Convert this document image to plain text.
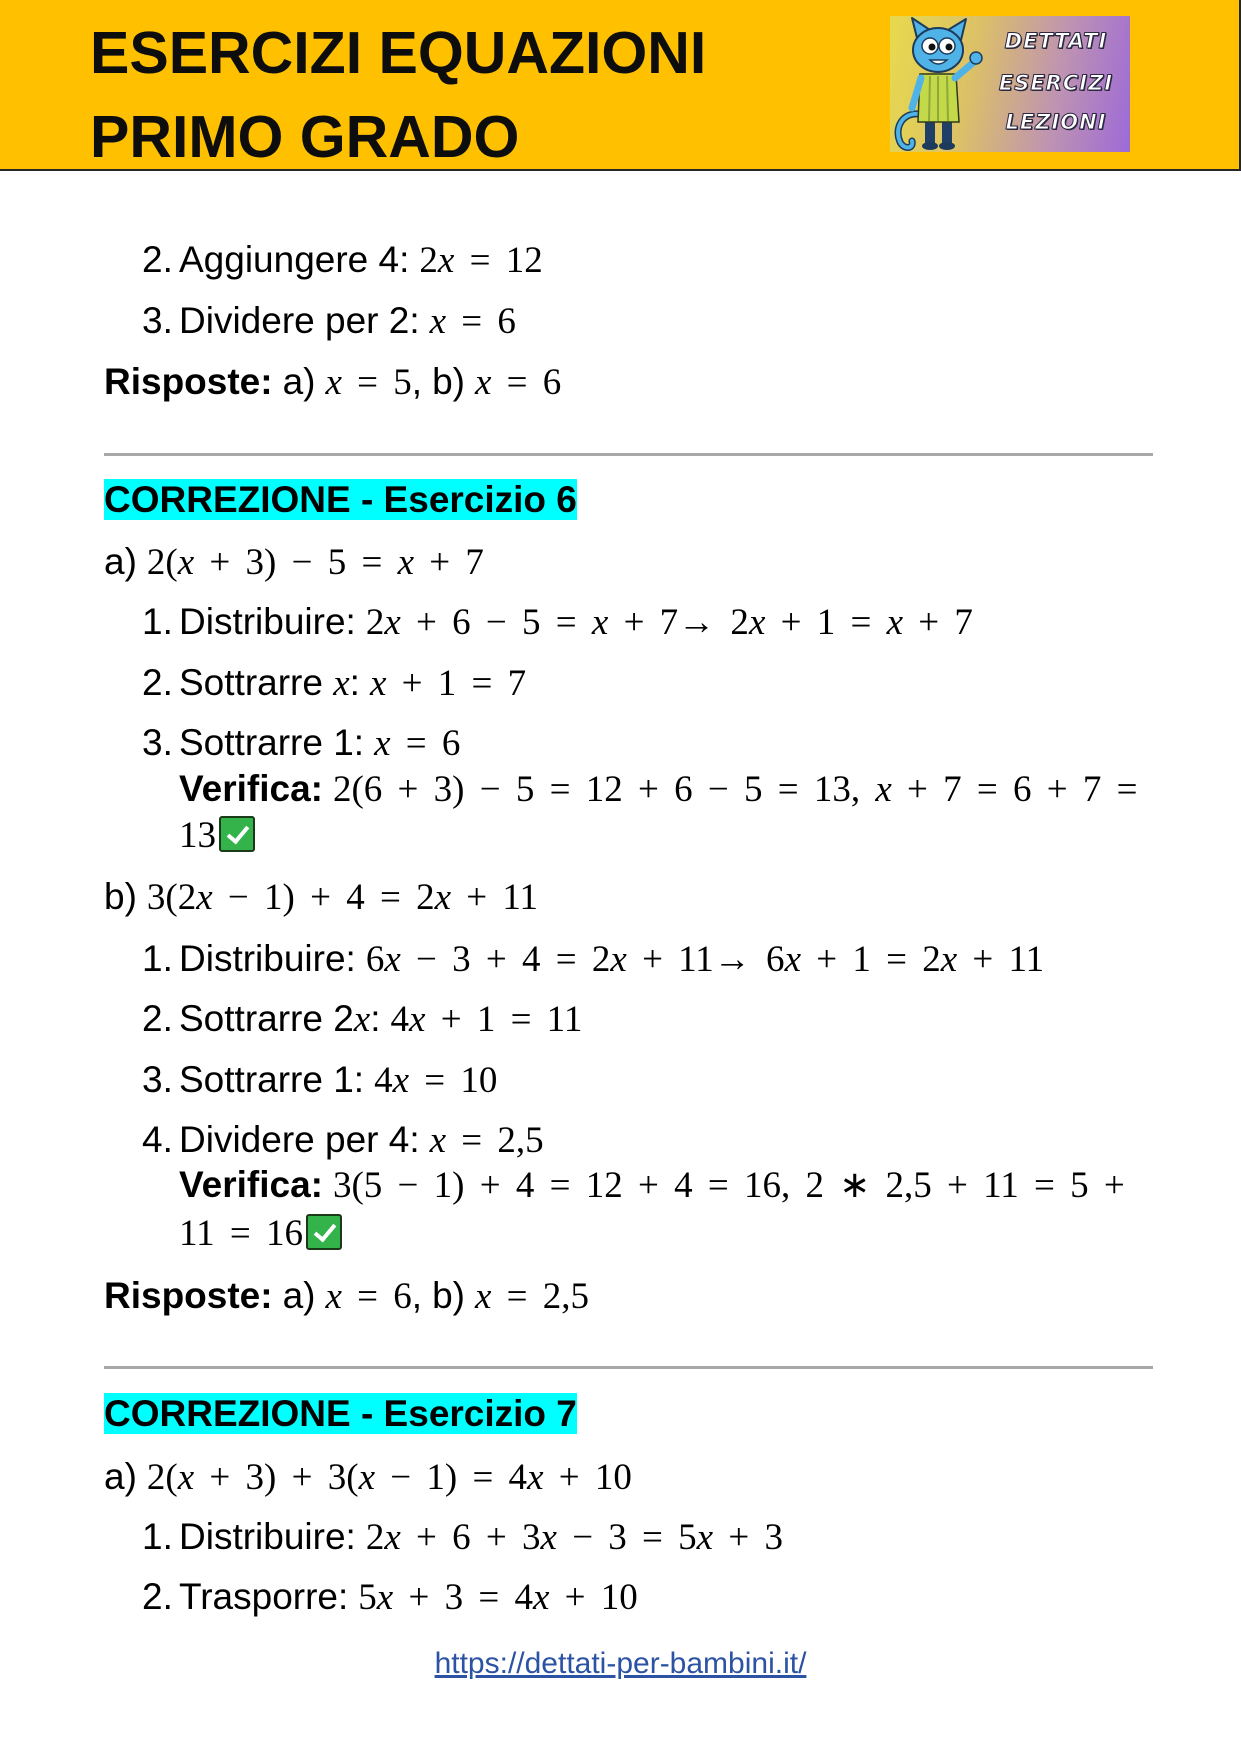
ESERCIZI EQUAZIONI
PRIMO GRADO
DETTATI
ESERCIZI
LEZIONI
2. Aggiungere 4: 2x = 12
3. Dividere per 2: x = 6
Risposte: a) x = 5, b) x = 6
CORREZIONE - Esercizio 6
a) 2(x + 3) − 5 = x + 7
1. Distribuire: 2x + 6 − 5 = x + 7→ 2x + 1 = x + 7
2. Sottrarre x: x + 1 = 7
3. Sottrarre 1: x = 6
Verifica: 2(6 + 3) − 5 = 12 + 6 − 5 = 13, x + 7 = 6 + 7 =
13
b) 3(2x − 1) + 4 = 2x + 11
1. Distribuire: 6x − 3 + 4 = 2x + 11→ 6x + 1 = 2x + 11
2. Sottrarre 2x: 4x + 1 = 11
3. Sottrarre 1: 4x = 10
4. Dividere per 4: x = 2,5
Verifica: 3(5 − 1) + 4 = 12 + 4 = 16, 2 ∗ 2,5 + 11 = 5 +
11 = 16
Risposte: a) x = 6, b) x = 2,5
CORREZIONE - Esercizio 7
a) 2(x + 3) + 3(x − 1) = 4x + 10
1. Distribuire: 2x + 6 + 3x − 3 = 5x + 3
2. Trasporre: 5x + 3 = 4x + 10
https://dettati-per-bambini.it/
